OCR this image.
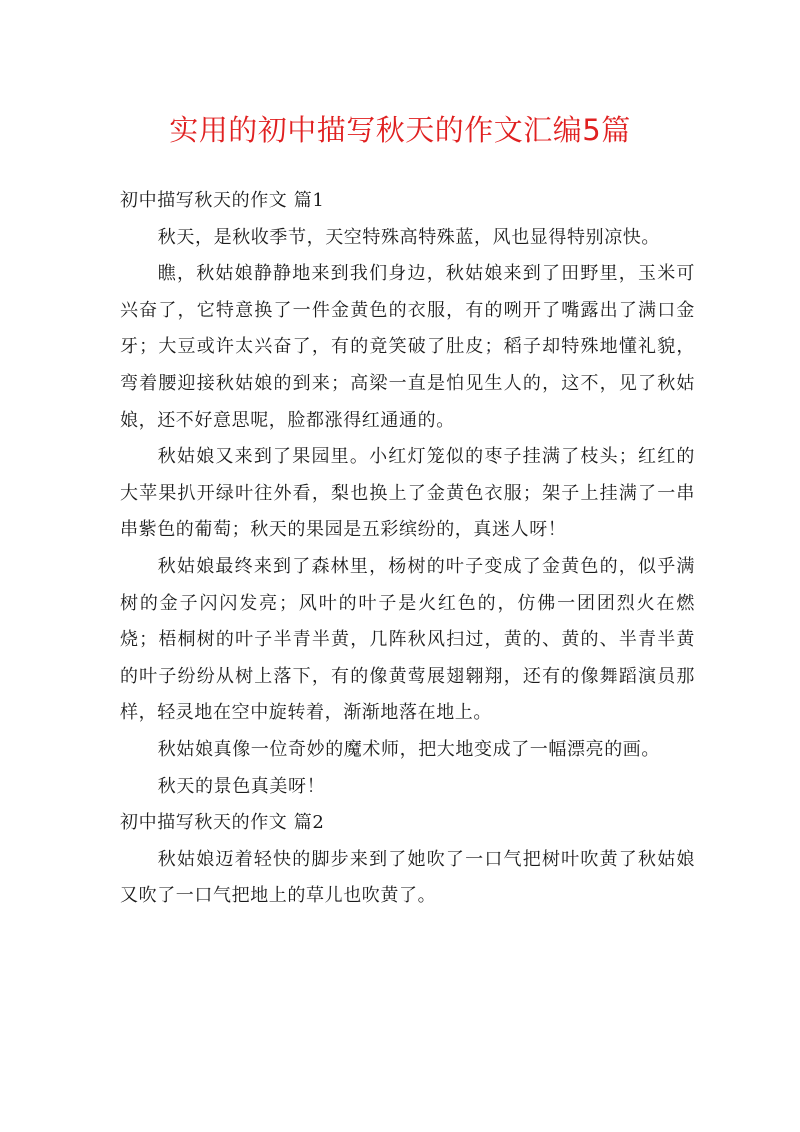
实用的初中描写秋天的作文汇编5篇
初中描写秋天的作文 篇1

秋天，是秋收季节，天空特殊高特殊蓝，风也显得特别凉快。

瞧，秋姑娘静静地来到我们身边，秋姑娘来到了田野里，玉米可兴奋了，它特意换了一件金黄色的衣服，有的咧开了嘴露出了满口金牙；大豆或许太兴奋了，有的竟笑破了肚皮；稻子却特殊地懂礼貌，弯着腰迎接秋姑娘的到来；高梁一直是怕见生人的，这不，见了秋姑娘，还不好意思呢，脸都涨得红通通的。

秋姑娘又来到了果园里。小红灯笼似的枣子挂满了枝头；红红的大苹果扒开绿叶往外看，梨也换上了金黄色衣服；架子上挂满了一串串紫色的葡萄；秋天的果园是五彩缤纷的，真迷人呀！

秋姑娘最终来到了森林里，杨树的叶子变成了金黄色的，似乎满树的金子闪闪发亮；风叶的叶子是火红色的，仿佛一团团烈火在燃烧；梧桐树的叶子半青半黄，几阵秋风扫过，黄的、黄的、半青半黄的叶子纷纷从树上落下，有的像黄莺展翅翱翔，还有的像舞蹈演员那样，轻灵地在空中旋转着，渐渐地落在地上。

秋姑娘真像一位奇妙的魔术师，把大地变成了一幅漂亮的画。

秋天的景色真美呀！

初中描写秋天的作文 篇2

秋姑娘迈着轻快的脚步来到了她吹了一口气把树叶吹黄了秋姑娘又吹了一口气把地上的草儿也吹黄了。
